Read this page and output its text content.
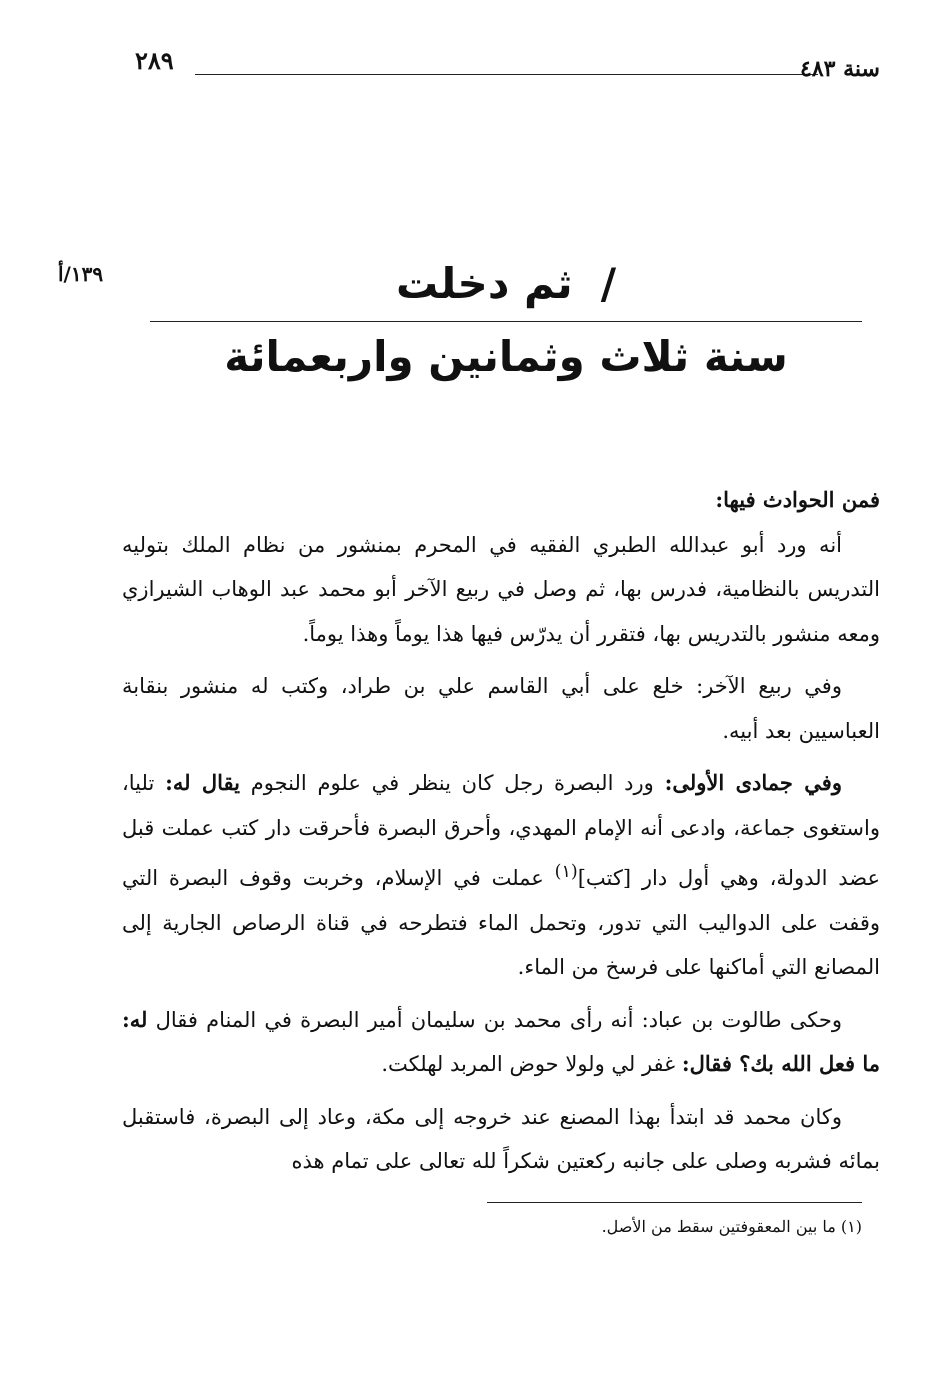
٢٨٩	سنة ٤٨٣
١٣٩/أ	/ثم دخلت
سنة ثلاث وثمانين واربعمائة

فمن الحوادث فيها:

أنه ورد أبو عبدالله الطبري الفقيه في المحرم بمنشور من نظام الملك بتوليه التدريس بالنظامية، فدرس بها، ثم وصل في ربيع الآخر أبو محمد عبد الوهاب الشيرازي ومعه منشور بالتدريس بها، فتقرر أن يدرّس فيها هذا يوماً وهذا يوماً.

وفي ربيع الآخر: خلع على أبي القاسم علي بن طراد، وكتب له منشور بنقابة العباسيين بعد أبيه.

وفي جمادى الأولى: ورد البصرة رجل كان ينظر في علوم النجوم يقال له: تليا، واستغوى جماعة، وادعى أنه الإمام المهدي، وأحرق البصرة فأحرقت دار كتب عملت قبل عضد الدولة، وهي أول دار [كتب]$^{(١)}$ عملت في الإسلام، وخربت وقوف البصرة التي وقفت على الدواليب التي تدور، وتحمل الماء فتطرحه في قناة الرصاص الجارية إلى المصانع التي أماكنها على فرسخ من الماء.

وحكى طالوت بن عباد: أنه رأى محمد بن سليمان أمير البصرة في المنام فقال له: ما فعل الله بك؟ فقال: غفر لي ولولا حوض المربد لهلكت.

وكان محمد قد ابتدأ بهذا المصنع عند خروجه إلى مكة، وعاد إلى البصرة، فاستقبل بمائه فشربه وصلى على جانبه ركعتين شكراً لله تعالى على تمام هذه

(١) ما بين المعقوفتين سقط من الأصل.
